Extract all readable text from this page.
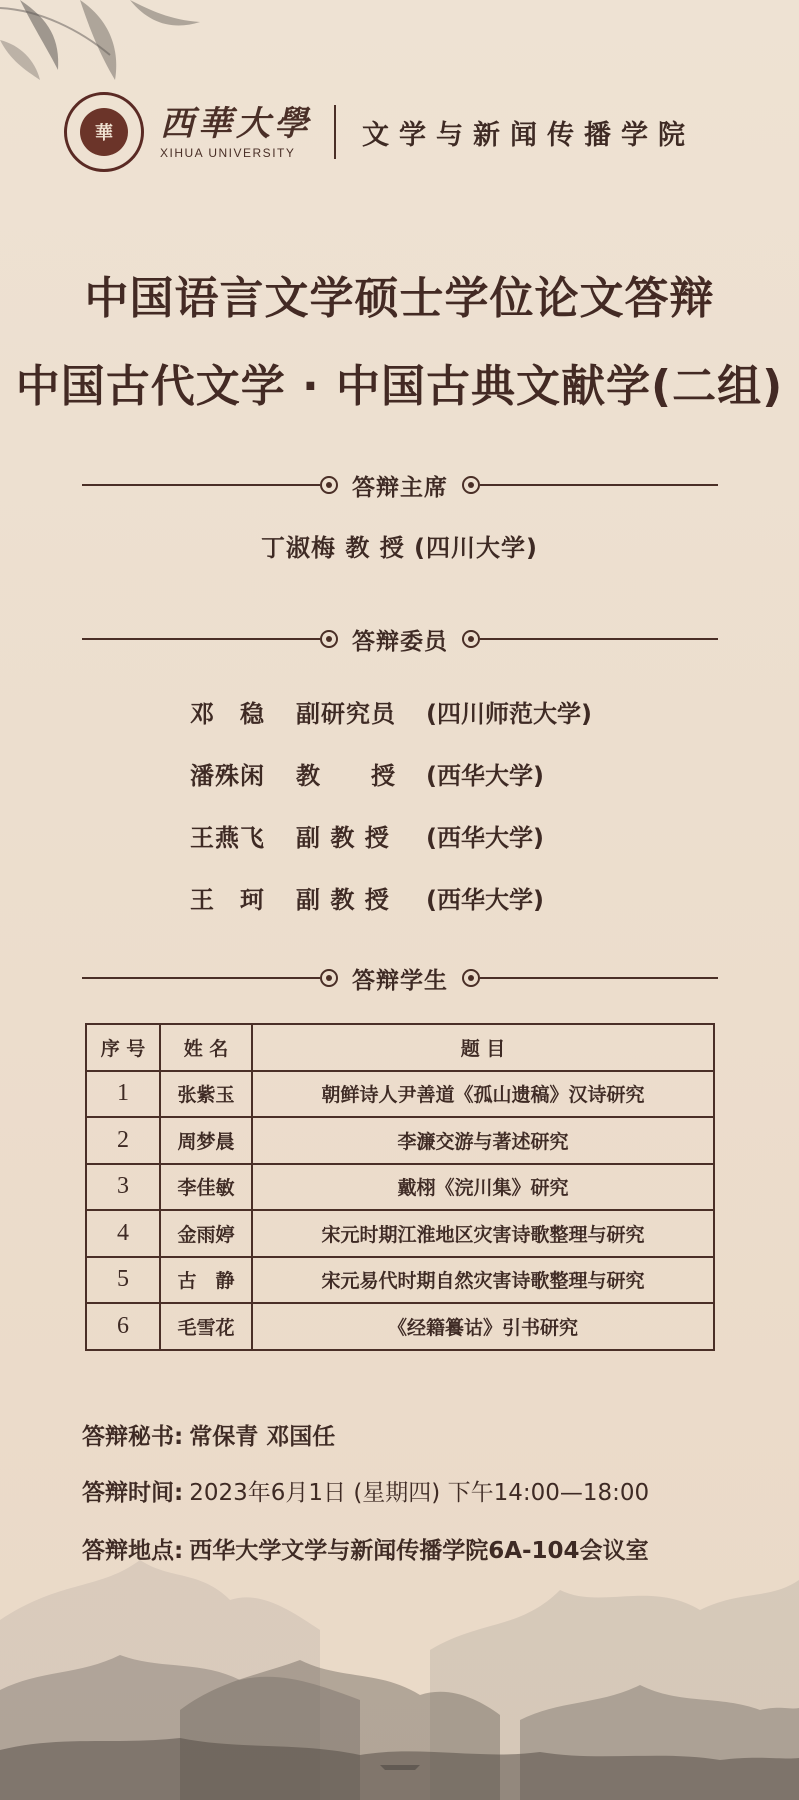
華	西華大學
XIHUA UNIVERSITY
文学与新闻传播学院
中国语言文学硕士学位论文答辩
中国古代文学 · 中国古典文献学(二组)
答辩主席
丁淑梅 教 授 (四川大学)
答辩委员
邓　稳	副研究员	(四川师范大学)
潘殊闲	教　　授	(西华大学)
王燕飞	副 教 授	(西华大学)
王　珂	副 教 授	(西华大学)
答辩学生
序 号	姓 名	题 目
1	张紫玉	朝鲜诗人尹善道《孤山遗稿》汉诗研究
2	周梦晨	李濂交游与著述研究
3	李佳敏	戴栩《浣川集》研究
4	金雨婷	宋元时期江淮地区灾害诗歌整理与研究
5	古　静	宋元易代时期自然灾害诗歌整理与研究
6	毛雪花	《经籍籑诂》引书研究
答辩秘书: 常保青 邓国任
答辩时间: 2023年6月1日 (星期四) 下午14:00—18:00
答辩地点: 西华大学文学与新闻传播学院6A-104会议室
